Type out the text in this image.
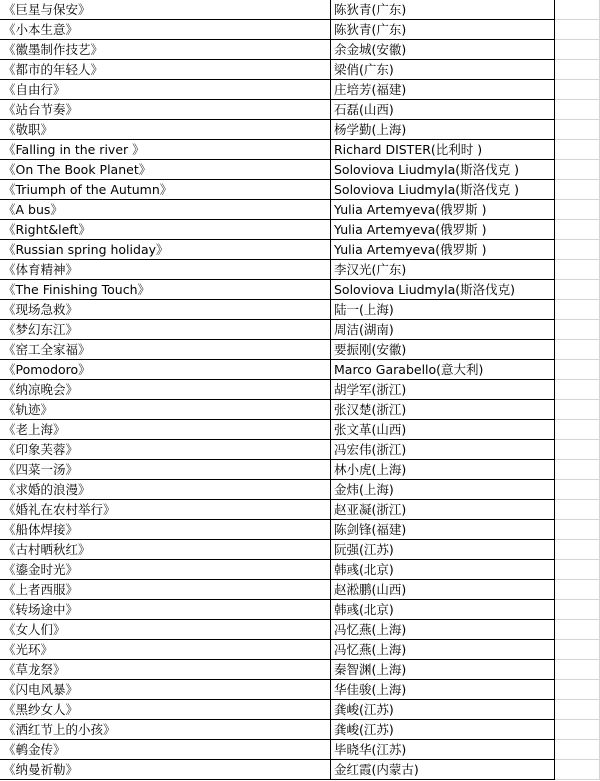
《巨星与保安》	陈狄青(广东)
《小本生意》	陈狄青(广东)
《徽墨制作技艺》	余金城(安徽)
《都市的年轻人》	梁俏(广东)
《自由行》	庄培芳(福建)
《站台节奏》	石磊(山西)
《敬职》	杨学勤(上海)
《Falling in the river 》	Richard DISTER(比利时 )
《On The Book Planet》	Soloviova Liudmyla(斯洛伐克 )
《Triumph of the Autumn》	Soloviova Liudmyla(斯洛伐克 )
《A bus》	Yulia Artemyeva(俄罗斯 )
《Right&left》	Yulia Artemyeva(俄罗斯 )
《Russian spring holiday》	Yulia Artemyeva(俄罗斯 )
《体育精神》	李汉光(广东)
《The Finishing Touch》	Soloviova Liudmyla(斯洛伐克)
《现场急救》	陆一(上海)
《梦幻东江》	周洁(湖南)
《窑工全家福》	要振刚(安徽)
《Pomodoro》	Marco Garabello(意大利)
《纳凉晚会》	胡学军(浙江)
《轨迹》	张汉楚(浙江)
《老上海》	张文革(山西)
《印象芙蓉》	冯宏伟(浙江)
《四菜一汤》	林小虎(上海)
《求婚的浪漫》	金炜(上海)
《婚礼在农村举行》	赵亚凝(浙江)
《船体焊接》	陈剑锋(福建)
《古村晒秋红》	阮强(江苏)
《鎏金时光》	韩彧(北京)
《上者西服》	赵淞鹏(山西)
《转场途中》	韩彧(北京)
《女人们》	冯忆燕(上海)
《光环》	冯忆燕(上海)
《草龙祭》	秦智渊(上海)
《闪电风暴》	华佳骏(上海)
《黑纱女人》	龚峻(江苏)
《洒红节上的小孩》	龚峻(江苏)
《鹌金传》	毕晓华(江苏)
《纳曼祈勒》	金红霞(内蒙古)
